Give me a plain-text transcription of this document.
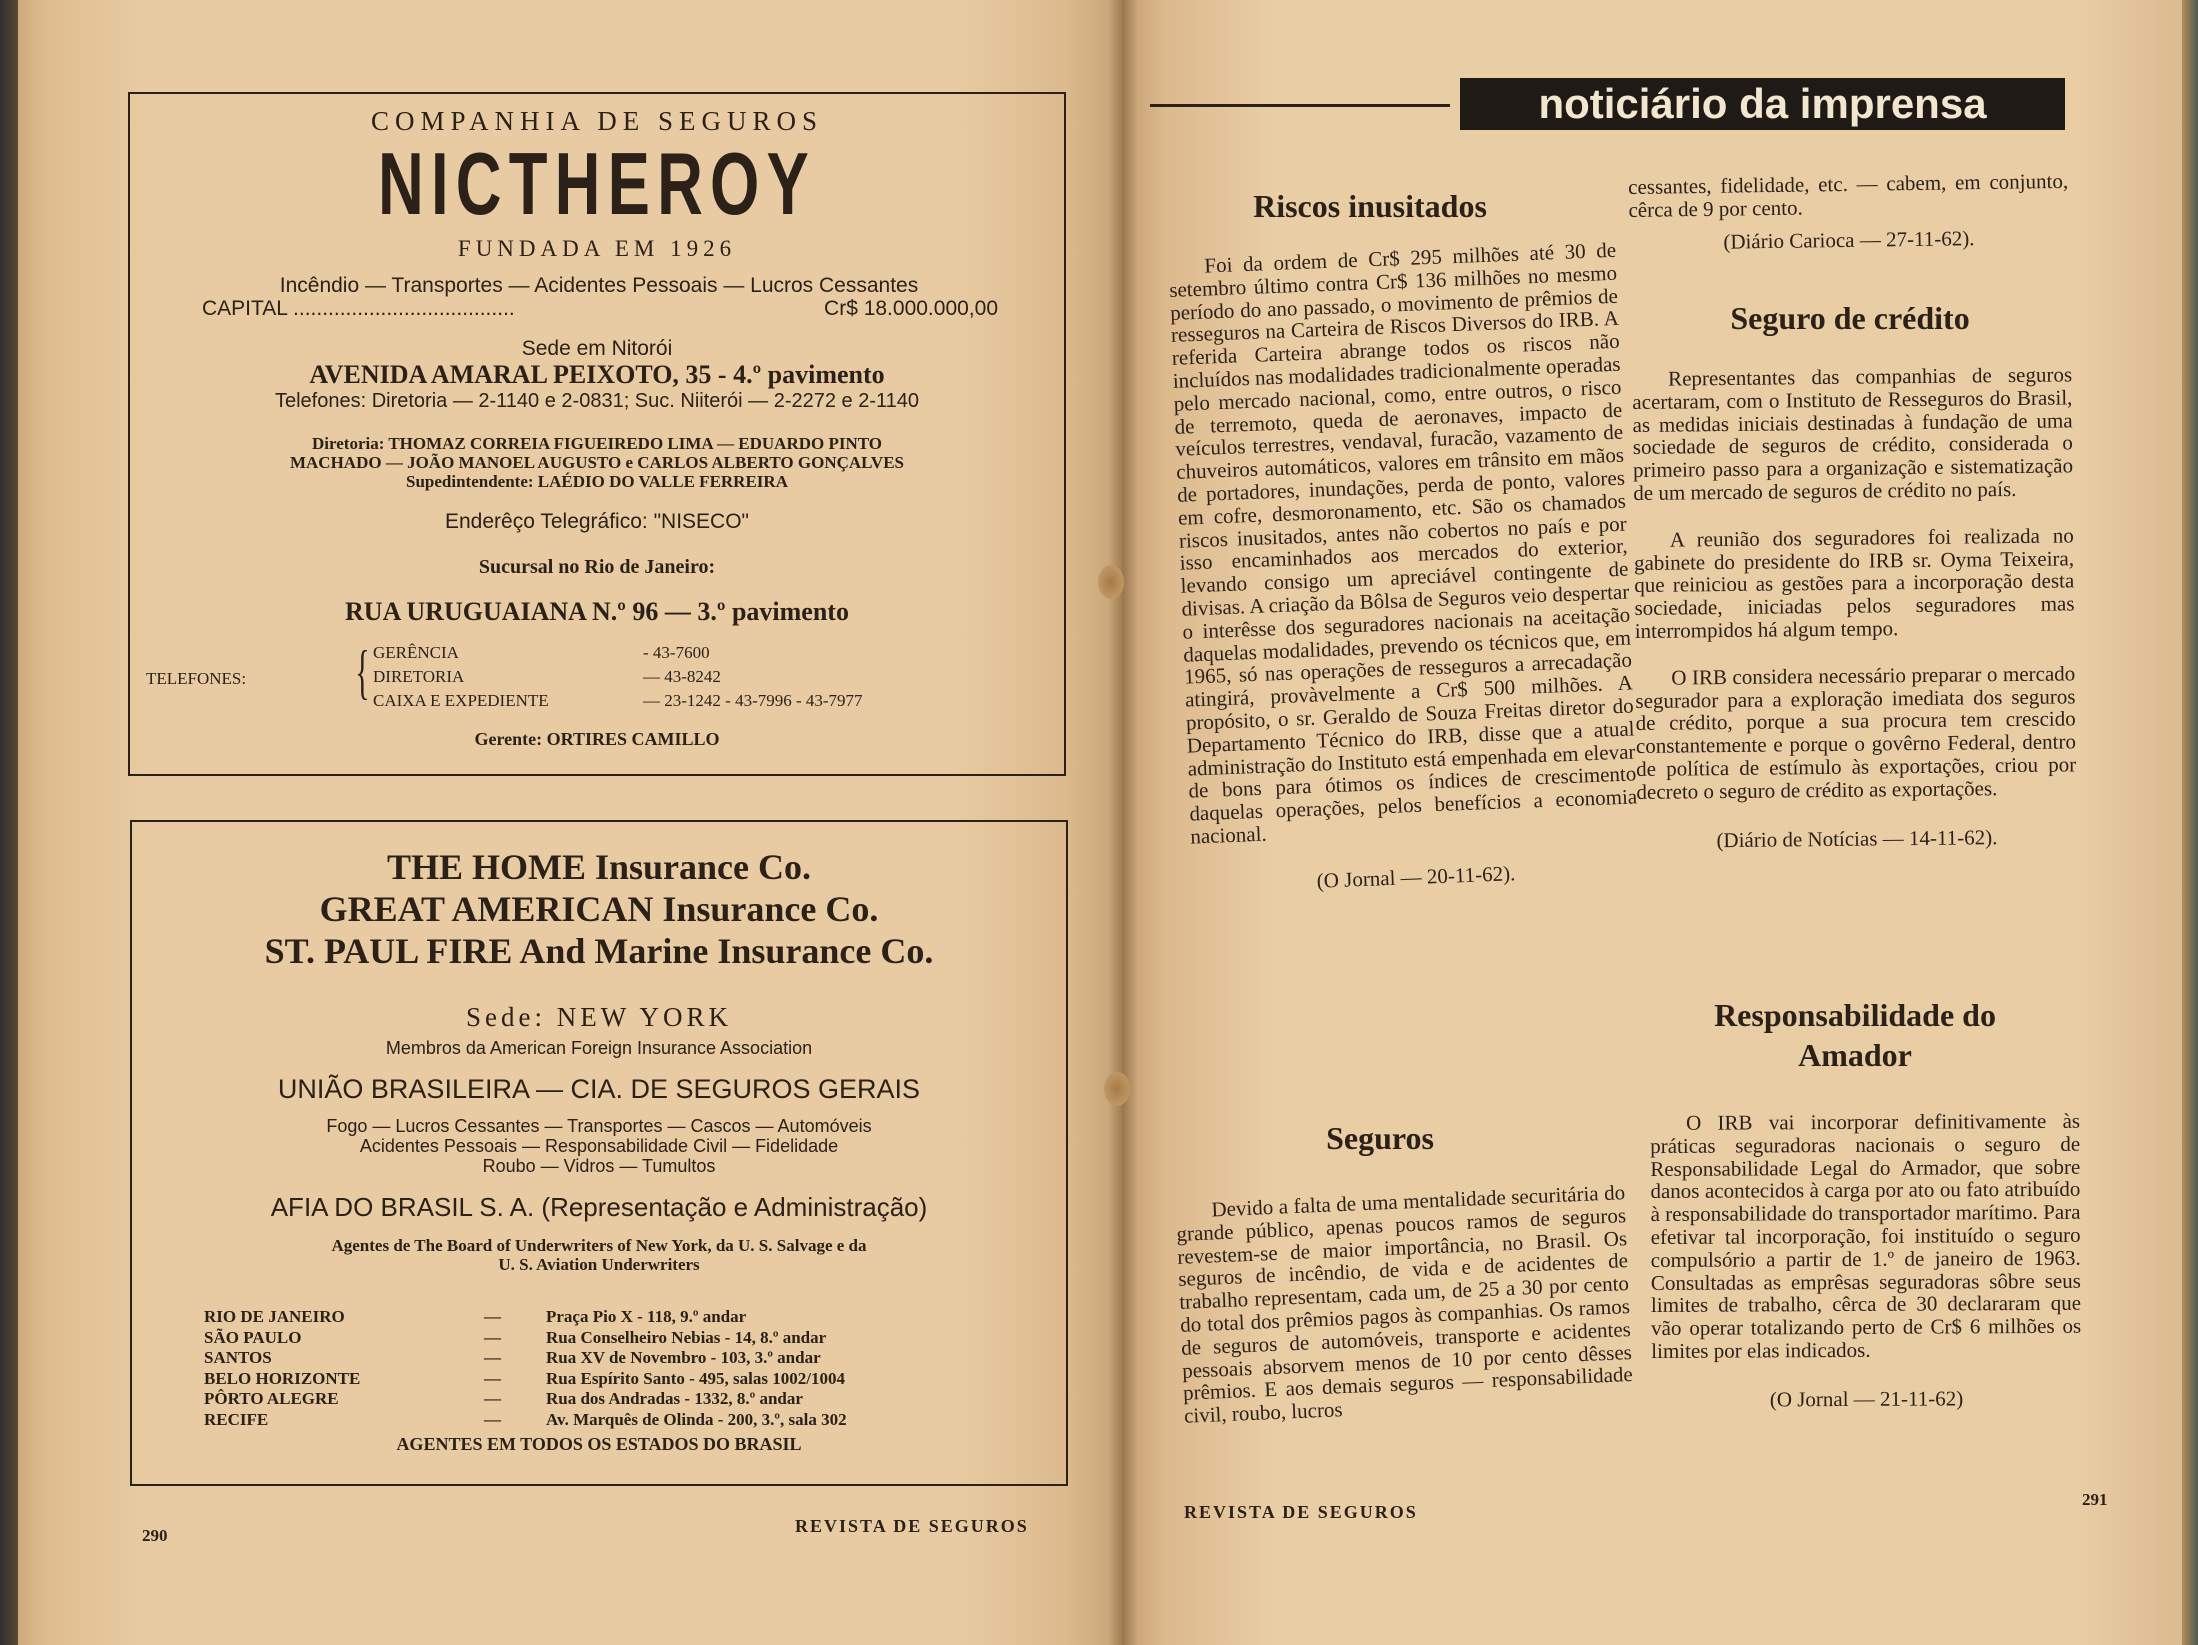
COMPANHIA DE SEGUROS
NICTHEROY
FUNDADA EM 1926
Incêndio — Transportes — Acidentes Pessoais — Lucros Cessantes
CAPITAL ......................................	Cr$ 18.000.000,00
Sede em Nitorói
AVENIDA AMARAL PEIXOTO, 35 - 4.º pavimento
Telefones: Diretoria — 2-1140 e 2-0831; Suc. Niiterói — 2-2272 e 2-1140
Diretoria: THOMAZ CORREIA FIGUEIREDO LIMA — EDUARDO PINTO
MACHADO — JOÃO MANOEL AUGUSTO e CARLOS ALBERTO GONÇALVES
Supedintendente: LAÉDIO DO VALLE FERREIRA
Enderêço Telegráfico: "NISECO"
Sucursal no Rio de Janeiro:
RUA URUGUAIANA N.º 96 — 3.º pavimento
TELEFONES: { GERÊNCIA	- 43-7600
DIRETORIA	— 43-8242
CAIXA E EXPEDIENTE	— 23-1242 - 43-7996 - 43-7977
Gerente: ORTIRES CAMILLO
THE HOME Insurance Co.
GREAT AMERICAN Insurance Co.
ST. PAUL FIRE And Marine Insurance Co.
Sede: NEW YORK
Membros da American Foreign Insurance Association
UNIÃO BRASILEIRA — CIA. DE SEGUROS GERAIS
Fogo — Lucros Cessantes — Transportes — Cascos — Automóveis
Acidentes Pessoais — Responsabilidade Civil — Fidelidade
Roubo — Vidros — Tumultos
AFIA DO BRASIL S. A. (Representação e Administração)
Agentes de The Board of Underwriters of New York, da U. S. Salvage e da
U. S. Aviation Underwriters
RIO DE JANEIRO	—	Praça Pio X - 118, 9.º andar
SÃO PAULO	—	Rua Conselheiro Nebias - 14, 8.º andar
SANTOS	—	Rua XV de Novembro - 103, 3.º andar
BELO HORIZONTE	—	Rua Espírito Santo - 495, salas 1002/1004
PÔRTO ALEGRE	—	Rua dos Andradas - 1332, 8.º andar
RECIFE	—	Av. Marquês de Olinda - 200, 3.º, sala 302
AGENTES EM TODOS OS ESTADOS DO BRASIL
290	REVISTA DE SEGUROS
noticiário da imprensa
Riscos inusitados

Foi da ordem de Cr$ 295 milhões até 30 de setembro último contra Cr$ 136 milhões no mesmo período do ano passado, o movimento de prêmios de resseguros na Carteira de Riscos Diversos do IRB. A referida Carteira abrange todos os riscos não incluídos nas modalidades tradicionalmente operadas pelo mercado nacional, como, entre outros, o risco de terremoto, queda de aeronaves, impacto de veículos terrestres, vendaval, furacão, vazamento de chuveiros automáticos, valores em trânsito em mãos de portadores, inundações, perda de ponto, valores em cofre, desmoronamento, etc. São os chamados riscos inusitados, antes não cobertos no país e por isso encaminhados aos mercados do exterior, levando consigo um apreciável contingente de divisas. A criação da Bôlsa de Seguros veio despertar o interêsse dos seguradores nacionais na aceitação daquelas modalidades, prevendo os técnicos que, em 1965, só nas operações de resseguros a arrecadação atingirá, provàvelmente a Cr$ 500 milhões. A propósito, o sr. Geraldo de Souza Freitas diretor do Departamento Técnico do IRB, disse que a atual administração do Instituto está empenhada em elevar de bons para ótimos os índices de crescimento daquelas operações, pelos benefícios a economia nacional.

(O Jornal — 20-11-62).

Seguros

Devido a falta de uma mentalidade securitária do grande público, apenas poucos ramos de seguros revestem-se de maior importância, no Brasil. Os seguros de incêndio, de vida e de acidentes de trabalho representam, cada um, de 25 a 30 por cento do total dos prêmios pagos às companhias. Os ramos de seguros de automóveis, transporte e acidentes pessoais absorvem menos de 10 por cento dêsses prêmios. E aos demais seguros — responsabilidade civil, roubo, lucros

cessantes, fidelidade, etc. — cabem, em conjunto, cêrca de 9 por cento.

(Diário Carioca — 27-11-62).

Seguro de crédito

Representantes das companhias de seguros acertaram, com o Instituto de Resseguros do Brasil, as medidas iniciais destinadas à fundação de uma sociedade de seguros de crédito, considerada o primeiro passo para a organização e sistematização de um mercado de seguros de crédito no país.

A reunião dos seguradores foi realizada no gabinete do presidente do IRB sr. Oyma Teixeira, que reiniciou as gestões para a incorporação desta sociedade, iniciadas pelos seguradores mas interrompidos há algum tempo.

O IRB considera necessário preparar o mercado segurador para a exploração imediata dos seguros de crédito, porque a sua procura tem crescido constantemente e porque o govêrno Federal, dentro de política de estímulo às exportações, criou por decreto o seguro de crédito as exportações.

(Diário de Notícias — 14-11-62).

Responsabilidade do
Amador

O IRB vai incorporar definitivamente às práticas seguradoras nacionais o seguro de Responsabilidade Legal do Armador, que sobre danos acontecidos à carga por ato ou fato atribuído à responsabilidade do transportador marítimo. Para efetivar tal incorporação, foi instituído o seguro compulsório a partir de 1.º de janeiro de 1963. Consultadas as emprêsas seguradoras sôbre seus limites de trabalho, cêrca de 30 declararam que vão operar totalizando perto de Cr$ 6 milhões os limites por elas indicados.

(O Jornal — 21-11-62)

REVISTA DE SEGUROS
291
